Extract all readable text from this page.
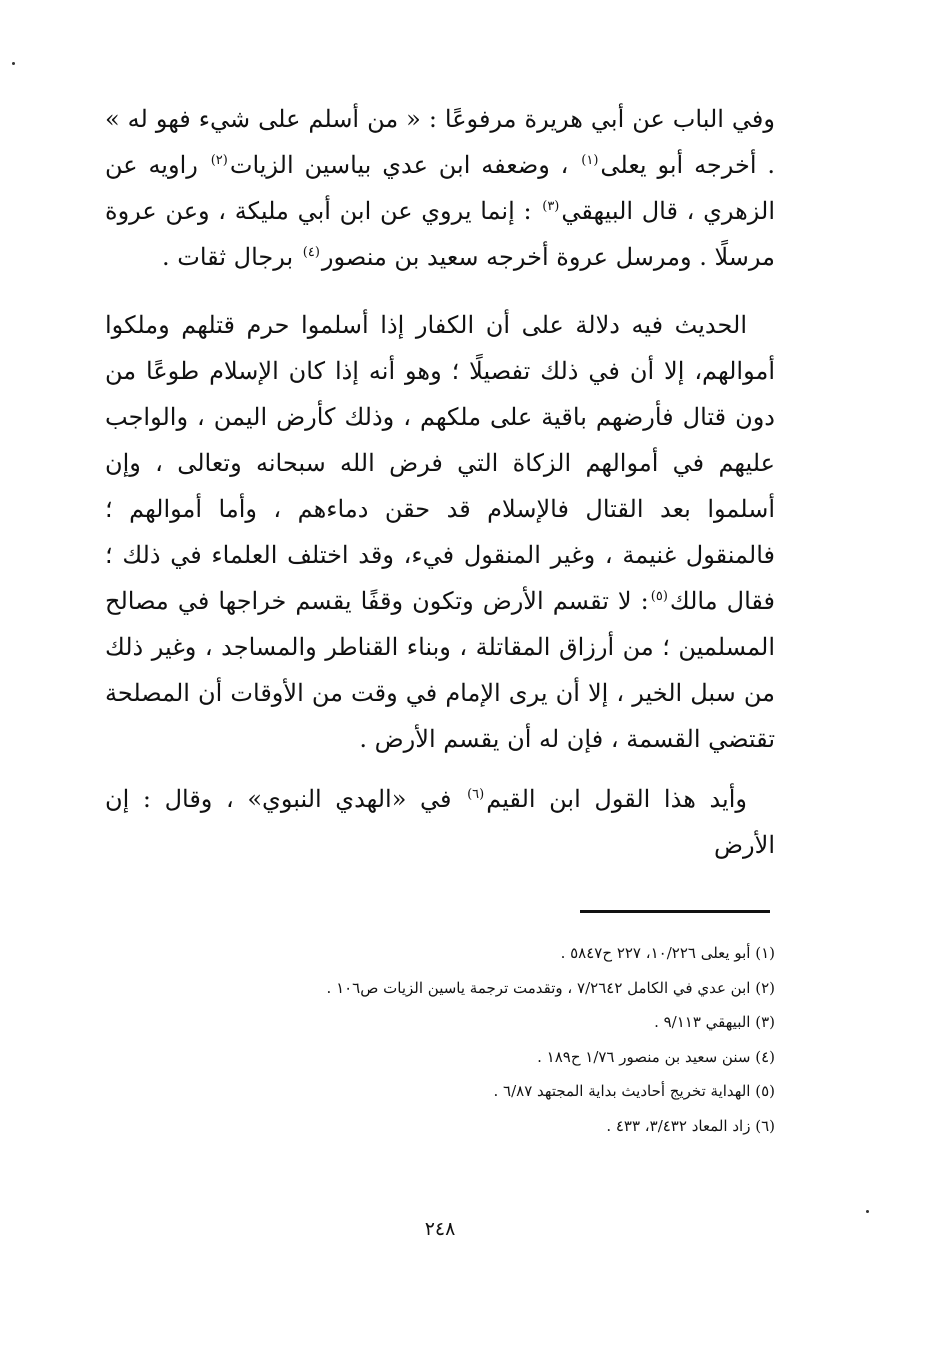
وفي الباب عن أبي هريرة مرفوعًا : « من أسلم على شيء فهو له » . أخرجه أبو يعلى$^{(١)}$ ، وضعفه ابن عدي بياسين الزيات$^{(٢)}$ راويه عن الزهري ، قال البيهقي$^{(٣)}$ : إنما يروي عن ابن أبي مليكة ، وعن عروة مرسلًا . ومرسل عروة أخرجه سعيد بن منصور$^{(٤)}$ برجال ثقات .

الحديث فيه دلالة على أن الكفار إذا أسلموا حرم قتلهم وملكوا أموالهم، إلا أن في ذلك تفصيلًا ؛ وهو أنه إذا كان الإسلام طوعًا من دون قتال فأرضهم باقية على ملكهم ، وذلك كأرض اليمن ، والواجب عليهم في أموالهم الزكاة التي فرض الله سبحانه وتعالى ، وإن أسلموا بعد القتال فالإسلام قد حقن دماءهم ، وأما أموالهم ؛ فالمنقول غنيمة ، وغير المنقول فيء، وقد اختلف العلماء في ذلك ؛ فقال مالك$^{(٥)}$: لا تقسم الأرض وتكون وقفًا يقسم خراجها في مصالح المسلمين ؛ من أرزاق المقاتلة ، وبناء القناطر والمساجد ، وغير ذلك من سبل الخير ، إلا أن يرى الإمام في وقت من الأوقات أن المصلحة تقتضي القسمة ، فإن له أن يقسم الأرض .

وأيد هذا القول ابن القيم$^{(٦)}$ في «الهدي النبوي» ، وقال : إن الأرض

(١) أبو يعلى ١٠/٢٢٦، ٢٢٧ ح٥٨٤٧ .

(٢) ابن عدي في الكامل ٧/٢٦٤٢ ، وتقدمت ترجمة ياسين الزيات ص١٠٦ .

(٣) البيهقي ٩/١١٣ .

(٤) سنن سعيد بن منصور ١/٧٦ ح١٨٩ .

(٥) الهداية تخريج أحاديث بداية المجتهد ٦/٨٧ .

(٦) زاد المعاد ٣/٤٣٢، ٤٣٣ .

٢٤٨
